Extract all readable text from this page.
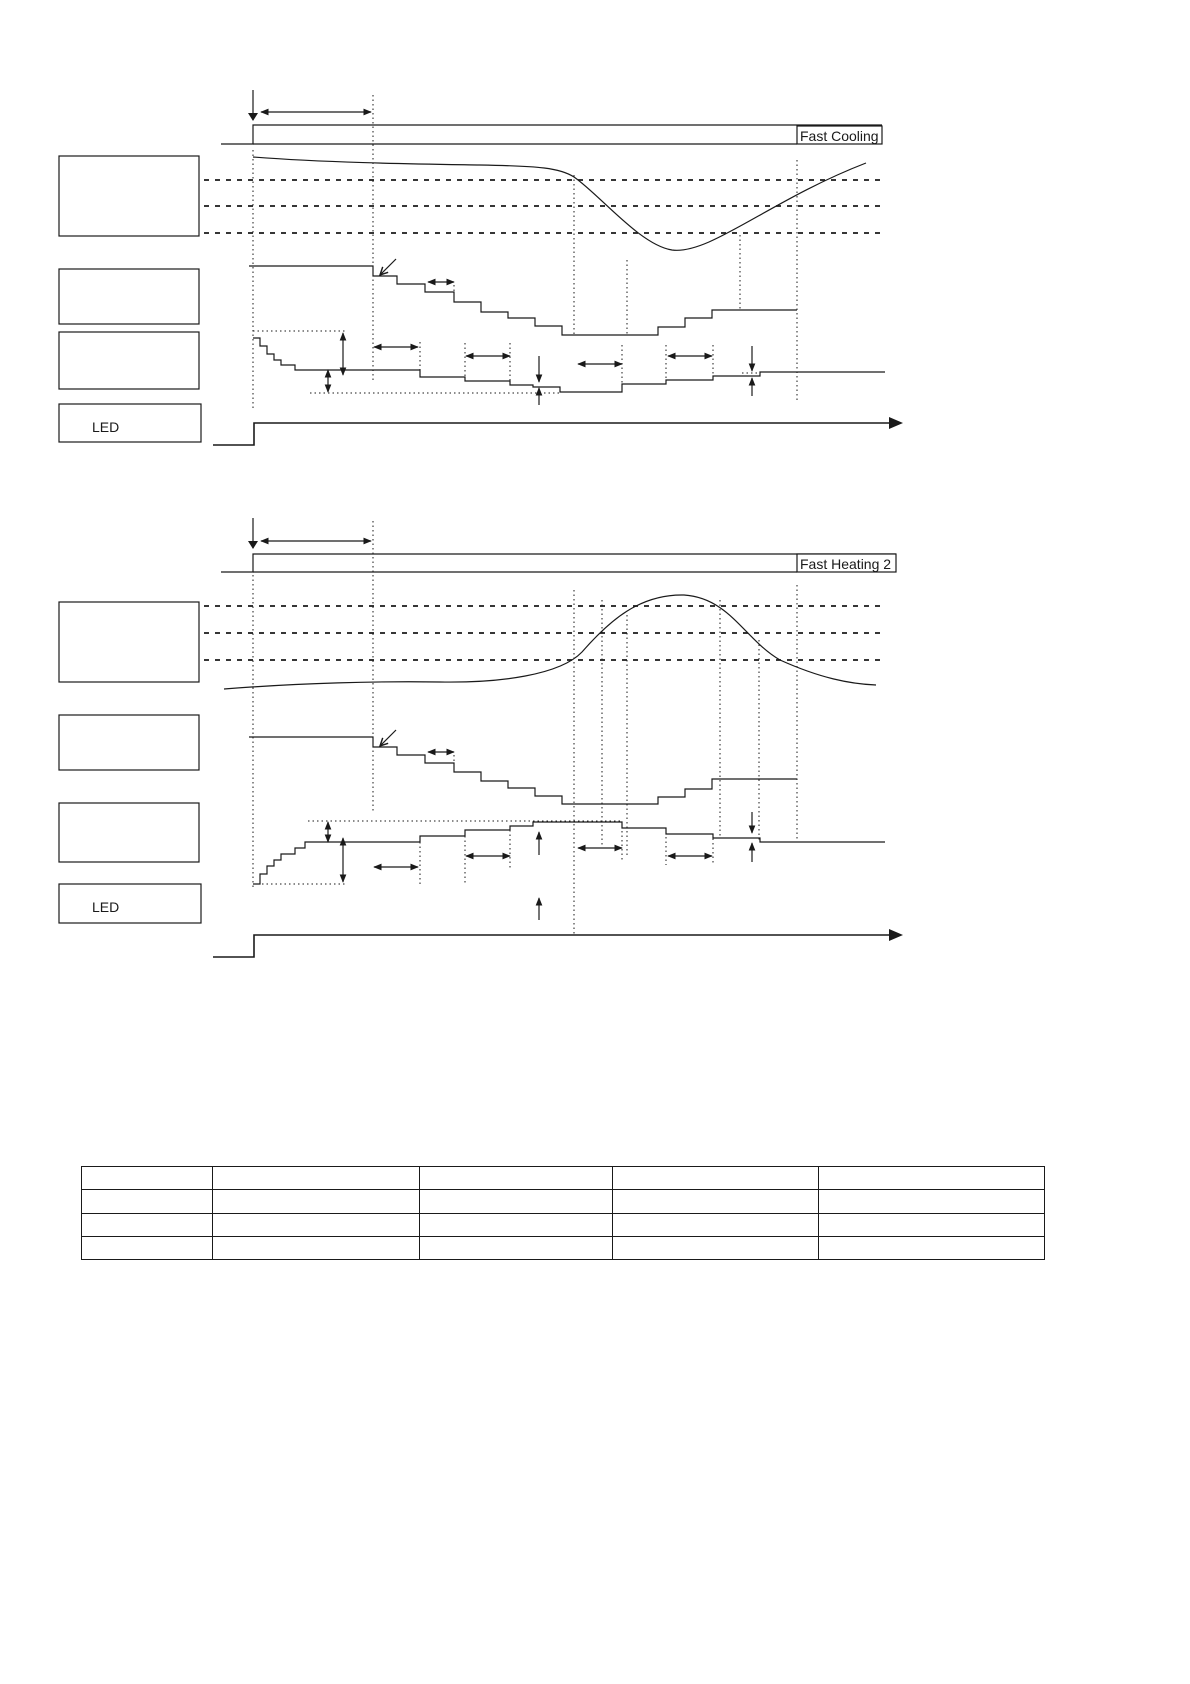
Fast Cooling
LED
Fast Heating 2
LED
